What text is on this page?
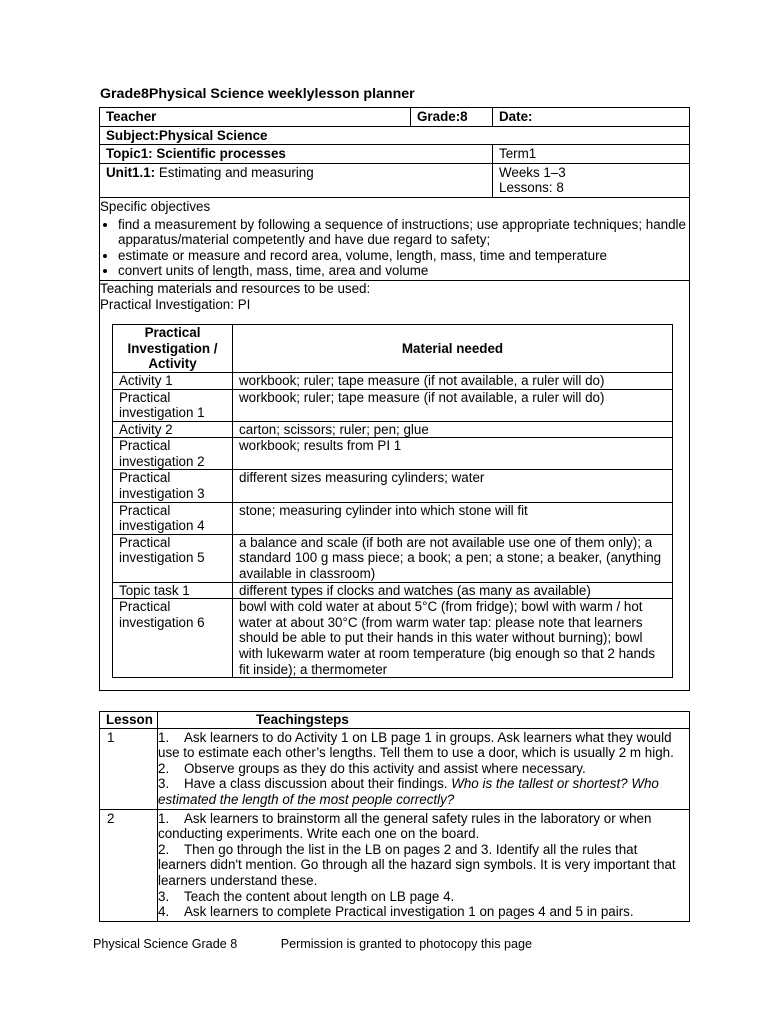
Grade8Physical Science weeklylesson planner
Teacher	Grade:8	Date:
Subject:Physical Science
Topic1: Scientific processes	Term1
Unit1.1: Estimating and measuring	Weeks 1–3
Lessons: 8

Specific objectives
• find a measurement by following a sequence of instructions; use appropriate techniques; handle apparatus/material competently and have due regard to safety;
• estimate or measure and record area, volume, length, mass, time and temperature
• convert units of length, mass, time, area and volume

Teaching materials and resources to be used:
Practical Investigation: PI
Practical Investigation / Activity	Material needed
Activity 1	workbook; ruler; tape measure (if not available, a ruler will do)
Practical investigation 1	workbook; ruler; tape measure (if not available, a ruler will do)
Activity 2	carton; scissors; ruler; pen; glue
Practical investigation 2	workbook; results from PI 1
Practical investigation 3	different sizes measuring cylinders; water
Practical investigation 4	stone; measuring cylinder into which stone will fit
Practical investigation 5	a balance and scale (if both are not available use one of them only); a standard 100 g mass piece; a book; a pen; a stone; a beaker, (anything available in classroom)
Topic task 1	different types if clocks and watches (as many as available)
Practical investigation 6	bowl with cold water at about 5°C (from fridge); bowl with warm / hot water at about 30°C (from warm water tap: please note that learners should be able to put their hands in this water without burning); bowl with lukewarm water at room temperature (big enough so that 2 hands fit inside); a thermometer
Lesson	Teachingsteps
1	1. Ask learners to do Activity 1 on LB page 1 in groups. Ask learners what they would use to estimate each other’s lengths. Tell them to use a door, which is usually 2 m high.
2. Observe groups as they do this activity and assist where necessary.
3. Have a class discussion about their findings. Who is the tallest or shortest? Who estimated the length of the most people correctly?

2	1. Ask learners to brainstorm all the general safety rules in the laboratory or when conducting experiments. Write each one on the board.
2. Then go through the list in the LB on pages 2 and 3. Identify all the rules that learners didn't mention. Go through all the hazard sign symbols. It is very important that learners understand these.
3. Teach the content about length on LB page 4.
4. Ask learners to complete Practical investigation 1 on pages 4 and 5 in pairs.
Physical Science Grade 8	Permission is granted to photocopy this page
